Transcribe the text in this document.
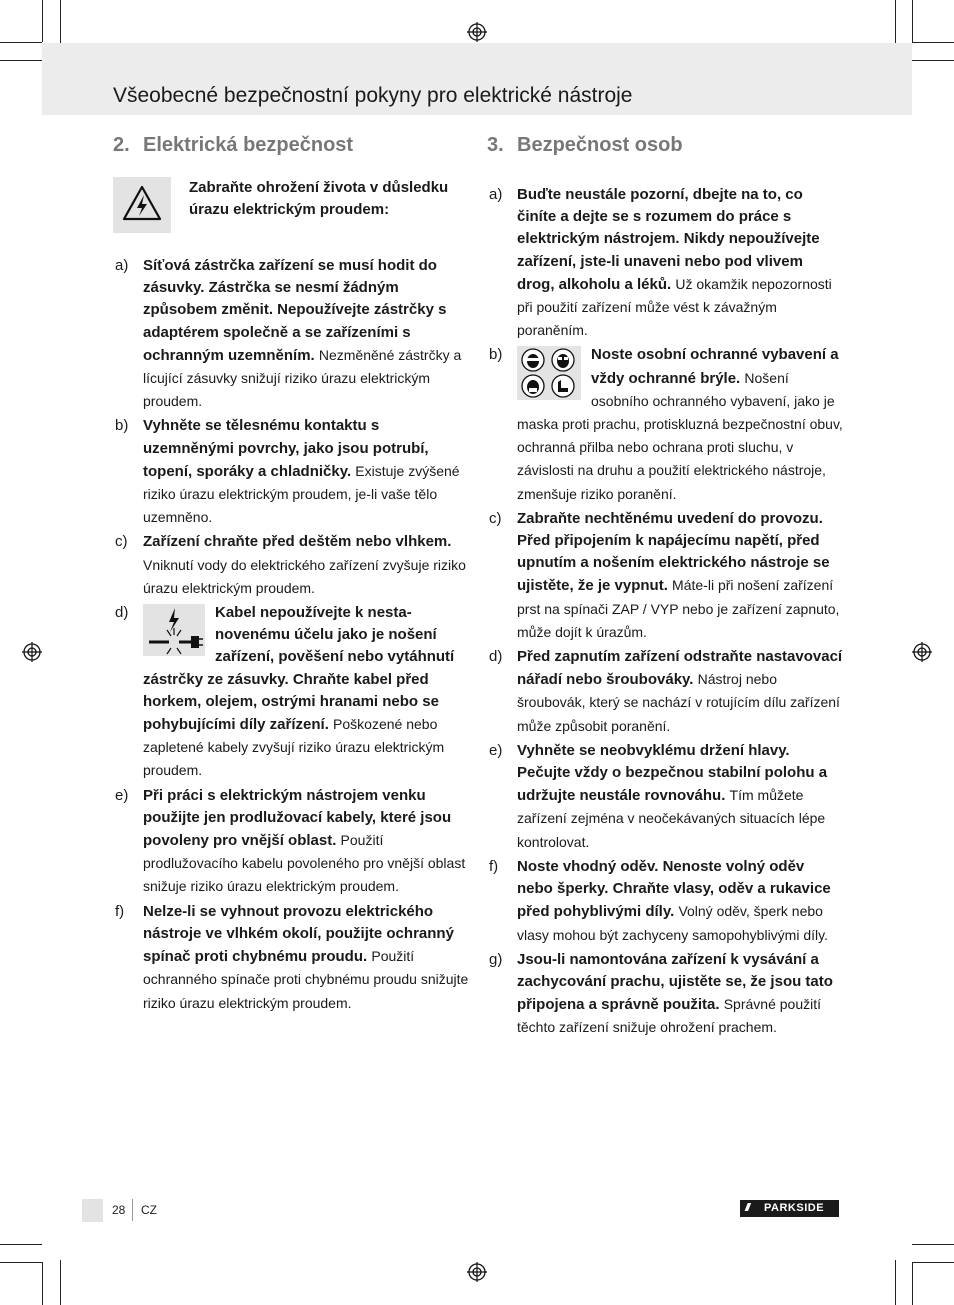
Všeobecné bezpečnostní pokyny pro elektrické nástroje
2. Elektrická bezpečnost
Zabraňte ohrožení života v důsledku úrazu elektrickým proudem:

a) Síťová zástrčka zařízení se musí hodit do zásuvky. Zástrčka se nesmí žádným způsobem změnit. Nepoužívejte zástrčky s adaptérem společně a se zařízeními s ochranným uzemněním. Nezměněné zástrčky a lícující zásuvky snižují riziko úrazu elektrickým proudem.

b) Vyhněte se tělesnému kontaktu s uzemněnými povrchy, jako jsou potrubí, topení, sporáky a chladničky. Existuje zvýšené riziko úrazu elektrickým proudem, je-li vaše tělo uzemněno.

c) Zařízení chraňte před deštěm nebo vlhkem. Vniknutí vody do elektrického zařízení zvyšuje riziko úrazu elektrickým proudem.

d)	Kabel nepoužívejte k nestanovenému účelu jako je nošení zařízení, pověšení nebo vytáhnutí zástrčky ze zásuvky. Chraňte kabel před horkem, olejem, ostrými hranami nebo se pohybujícími díly zařízení. Poškozené nebo zapletené kabely zvyšují riziko úrazu elektrickým proudem.

e) Při práci s elektrickým nástrojem venku použijte jen prodlužovací kabely, které jsou povoleny pro vnější oblast. Použití prodlužovacího kabelu povoleného pro vnější oblast snižuje riziko úrazu elektrickým proudem.

f) Nelze-li se vyhnout provozu elektrického nástroje ve vlhkém okolí, použijte ochranný spínač proti chybnému proudu. Použití ochranného spínače proti chybnému proudu snižujte riziko úrazu elektrickým proudem.

3. Bezpečnost osob

a) Buďte neustále pozorní, dbejte na to, co činíte a dejte se s rozumem do práce s elektrickým nástrojem. Nikdy nepoužívejte zařízení, jste-li unaveni nebo pod vlivem drog, alkoholu a léků. Už okamžik nepozornosti při použití zařízení může vést k závažným poraněním.

b)	Noste osobní ochranné vybavení a vždy ochranné brýle. Nošení osobního ochranného vybavení, jako je maska proti prachu, protiskluzná bezpečnostní obuv, ochranná přilba nebo ochrana proti sluchu, v závislosti na druhu a použití elektrického nástroje, zmenšuje riziko poranění.

c) Zabraňte nechtěnému uvedení do provozu. Před připojením k napájecímu napětí, před upnutím a nošením elektrického nástroje se ujistěte, že je vypnut. Máte-li při nošení zařízení prst na spínači ZAP / VYP nebo je zařízení zapnuto, může dojít k úrazům.

d) Před zapnutím zařízení odstraňte nastavovací nářadí nebo šroubováky. Nástroj nebo šroubovák, který se nachází v rotujícím dílu zařízení může způsobit poranění.

e) Vyhněte se neobvyklému držení hlavy. Pečujte vždy o bezpečnou stabilní polohu a udržujte neustále rovnováhu. Tím můžete zařízení zejména v neočekávaných situacích lépe kontrolovat.

f) Noste vhodný oděv. Nenoste volný oděv nebo šperky. Chraňte vlasy, oděv a rukavice před pohyblivými díly. Volný oděv, šperk nebo vlasy mohou být zachyceny samopohyblivými díly.

g) Jsou-li namontována zařízení k vysávání a zachycování prachu, ujistěte se, že jsou tato připojena a správně použita. Správné použití těchto zařízení snižuje ohrožení prachem.

28 CZ	/// PARKSIDE
